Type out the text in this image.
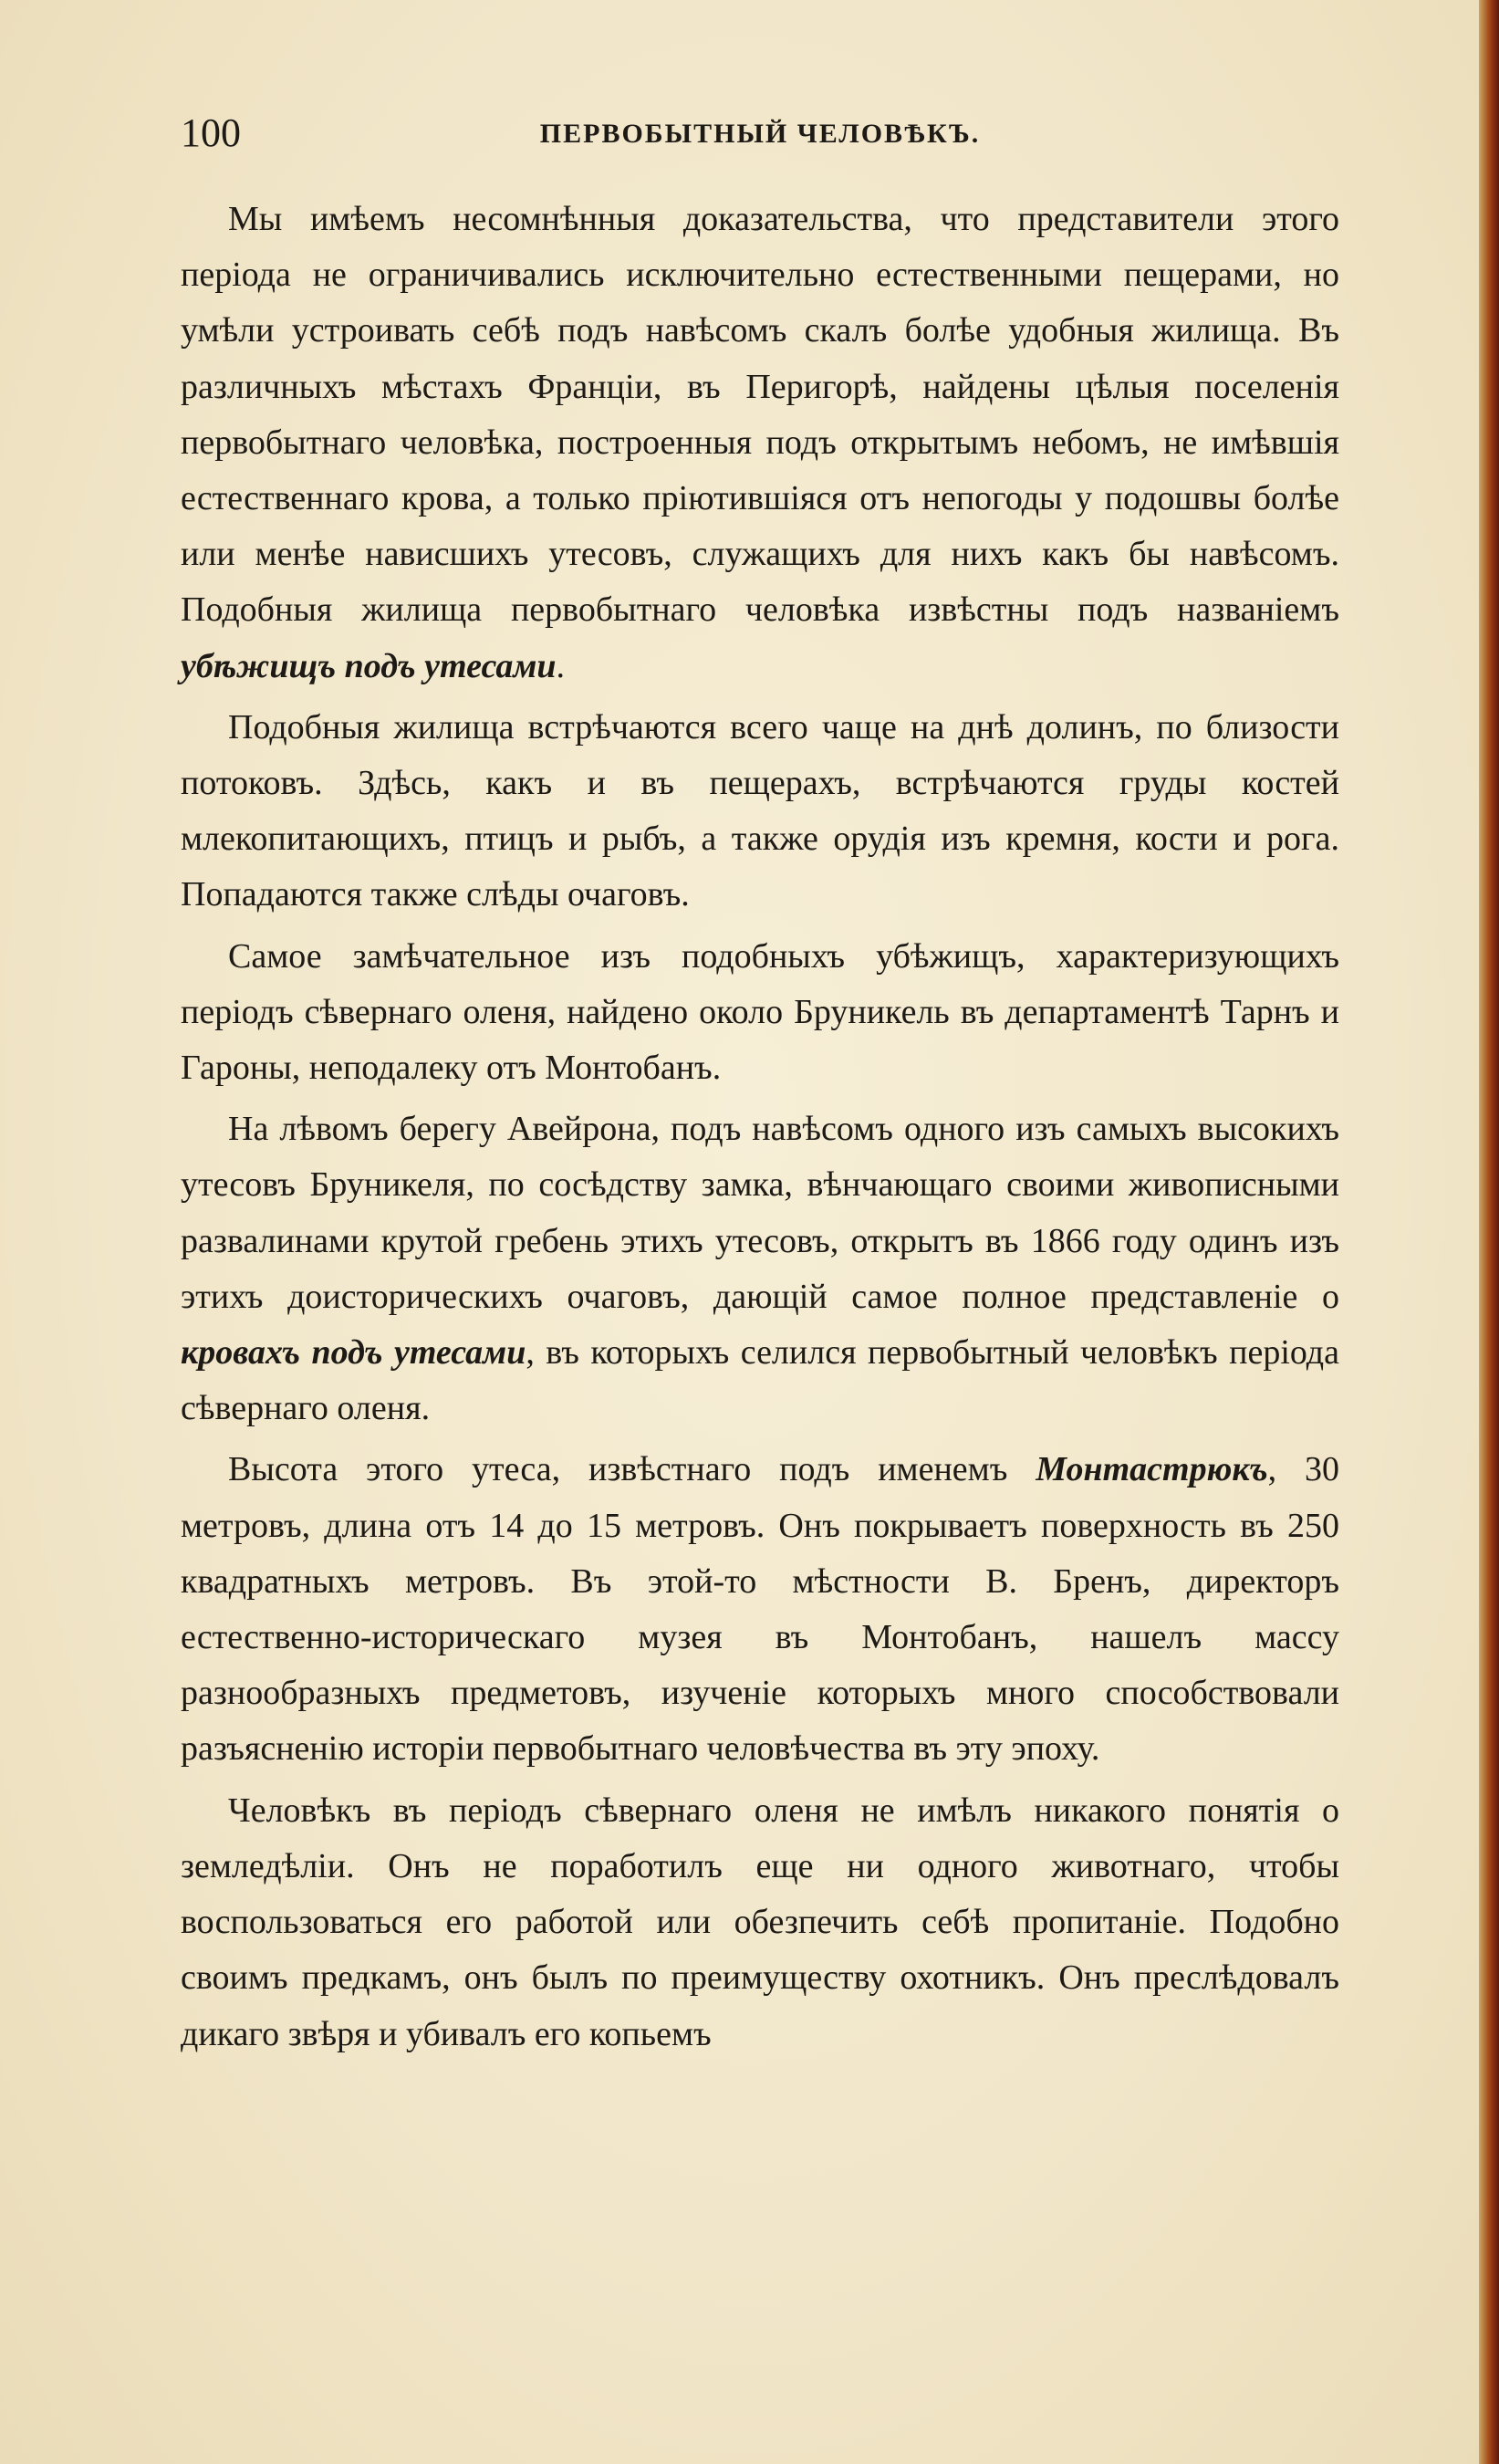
100	ПЕРВОБЫТНЫЙ ЧЕЛОВѢКЪ.

Мы имѣемъ несомнѣнныя доказательства, что представители этого періода не ограничивались исключительно естественными пещерами, но умѣли устроивать себѣ подъ навѣсомъ скалъ болѣе удобныя жилища. Въ различныхъ мѣстахъ Франціи, въ Перигорѣ, найдены цѣлыя поселенія первобытнаго человѣка, построенныя подъ открытымъ небомъ, не имѣвшія естественнаго крова, а только пріютившіяся отъ непогоды у подошвы болѣе или менѣе нависшихъ утесовъ, служащихъ для нихъ какъ бы навѣсомъ. Подобныя жилища первобытнаго человѣка извѣстны подъ названіемъ убѣжищъ подъ утесами.

Подобныя жилища встрѣчаются всего чаще на днѣ долинъ, по близости потоковъ. Здѣсь, какъ и въ пещерахъ, встрѣчаются груды костей млекопитающихъ, птицъ и рыбъ, а также орудія изъ кремня, кости и рога. Попадаются также слѣды очаговъ.

Самое замѣчательное изъ подобныхъ убѣжищъ, характеризующихъ періодъ сѣвернаго оленя, найдено около Бруникель въ департаментѣ Тарнъ и Гароны, неподалеку отъ Монтобанъ.

На лѣвомъ берегу Авейрона, подъ навѣсомъ одного изъ самыхъ высокихъ утесовъ Бруникеля, по сосѣдству замка, вѣнчающаго своими живописными развалинами крутой гребень этихъ утесовъ, открытъ въ 1866 году одинъ изъ этихъ доисторическихъ очаговъ, дающій самое полное представленіе о кровахъ подъ утесами, въ которыхъ селился первобытный человѣкъ періода сѣвернаго оленя.

Высота этого утеса, извѣстнаго подъ именемъ Монтастрюкъ, 30 метровъ, длина отъ 14 до 15 метровъ. Онъ покрываетъ поверхность въ 250 квадратныхъ метровъ. Въ этой-то мѣстности В. Бренъ, директоръ естественно-историческаго музея въ Монтобанъ, нашелъ массу разнообразныхъ предметовъ, изученіе которыхъ много способствовали разъясненію исторіи первобытнаго человѣчества въ эту эпоху.

Человѣкъ въ періодъ сѣвернаго оленя не имѣлъ никакого понятія о земледѣліи. Онъ не поработилъ еще ни одного животнаго, чтобы воспользоваться его работой или обезпечить себѣ пропитаніе. Подобно своимъ предкамъ, онъ былъ по преимуществу охотникъ. Онъ преслѣдовалъ дикаго звѣря и убивалъ его копьемъ
